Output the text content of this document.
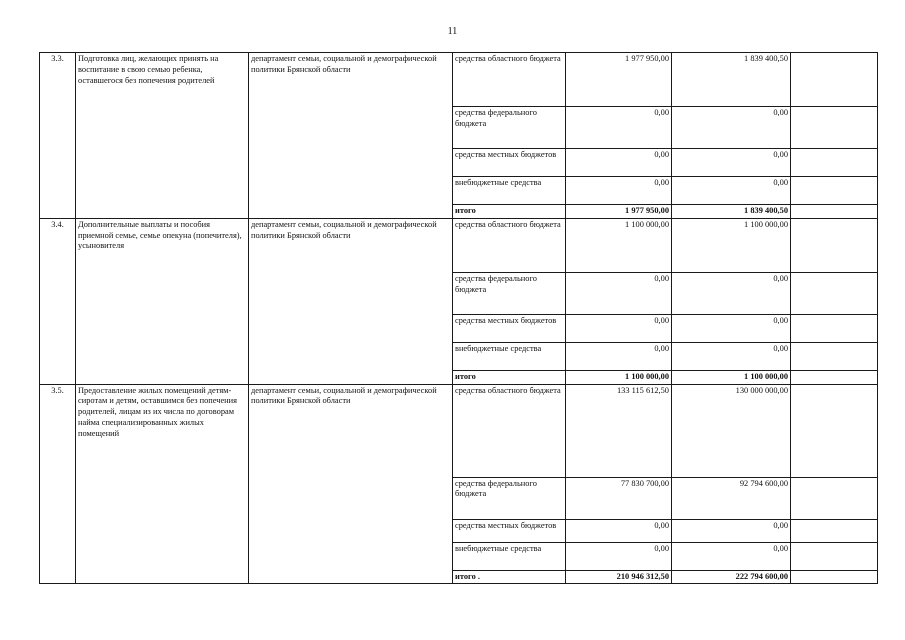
11
3.3.	Подготовка лиц, желающих принять на воспитание в свою семью ребенка, оставшегося без попечения родителей	департамент семьи, социальной и демографической политики Брянской области	средства областного бюджета	1 977 950,00	1 839 400,50	
			средства федерального бюджета	0,00	0,00	
			средства местных бюджетов	0,00	0,00	
			внебюджетные средства	0,00	0,00	
			итого	1 977 950,00	1 839 400,50	
3.4.	Дополнительные выплаты и пособия приемной семье, семье опекуна (попечителя), усыновителя	департамент семьи, социальной и демографической политики Брянской области	средства областного бюджета	1 100 000,00	1 100 000,00	
			средства федерального бюджета	0,00	0,00	
			средства местных бюджетов	0,00	0,00	
			внебюджетные средства	0,00	0,00	
			итого	1 100 000,00	1 100 000,00	
3.5.	Предоставление жилых помещений детям-сиротам и детям, оставшимся без попечения родителей, лицам из их числа по договорам найма специализированных жилых помещений	департамент семьи, социальной и демографической политики Брянской области	средства областного бюджета	133 115 612,50	130 000 000,00	
			средства федерального бюджета	77 830 700,00	92 794 600,00	
			средства местных бюджетов	0,00	0,00	
			внебюджетные средства	0,00	0,00	
			итого .	210 946 312,50	222 794 600,00	
